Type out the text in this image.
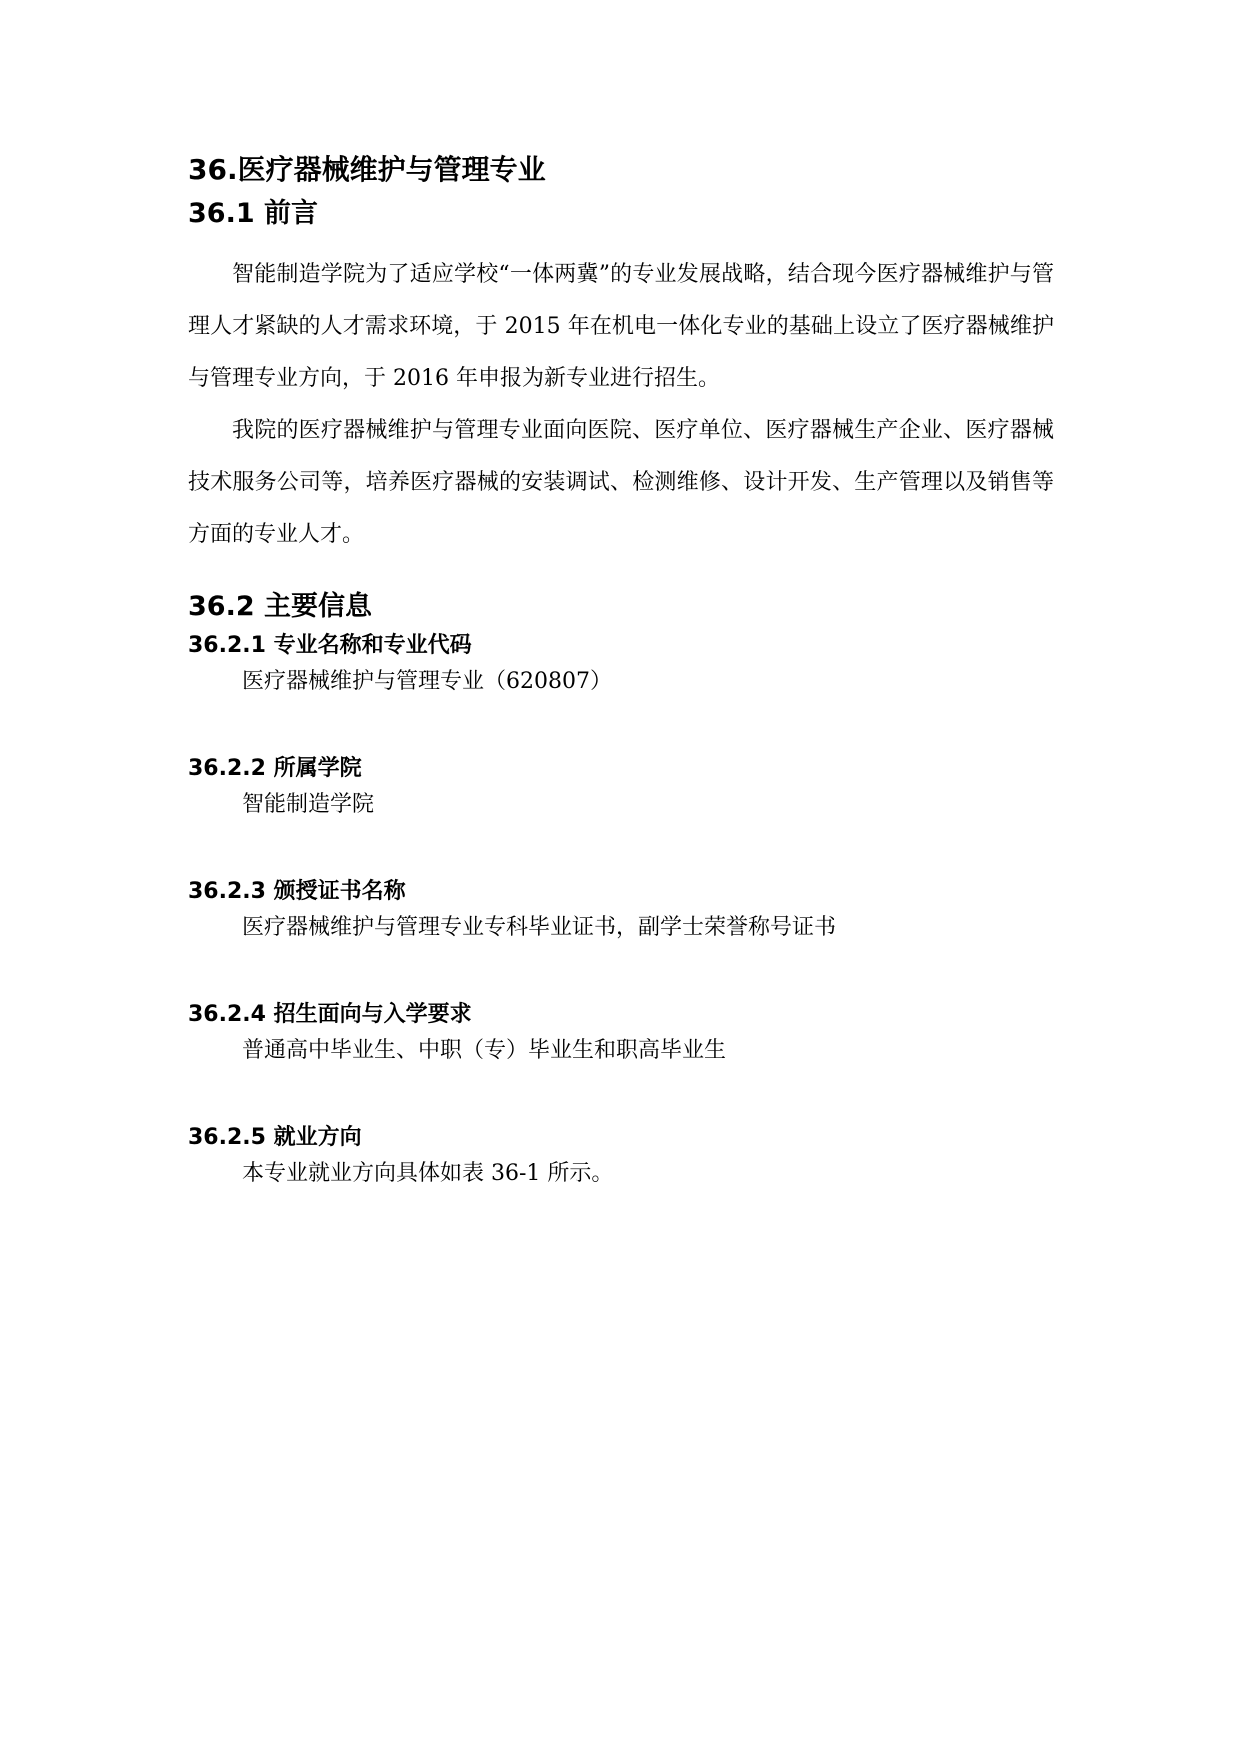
36.医疗器械维护与管理专业
36.1 前言

智能制造学院为了适应学校“一体两冀”的专业发展战略，结合现今医疗器械维护与管理人才紧缺的人才需求环境，于 2015 年在机电一体化专业的基础上设立了医疗器械维护与管理专业方向，于 2016 年申报为新专业进行招生。

我院的医疗器械维护与管理专业面向医院、医疗单位、医疗器械生产企业、医疗器械技术服务公司等，培养医疗器械的安装调试、检测维修、设计开发、生产管理以及销售等方面的专业人才。

36.2 主要信息
36.2.1 专业名称和专业代码

医疗器械维护与管理专业（620807）

36.2.2 所属学院

智能制造学院

36.2.3 颁授证书名称

医疗器械维护与管理专业专科毕业证书，副学士荣誉称号证书

36.2.4 招生面向与入学要求

普通高中毕业生、中职（专）毕业生和职高毕业生

36.2.5 就业方向

本专业就业方向具体如表 36-1 所示。
